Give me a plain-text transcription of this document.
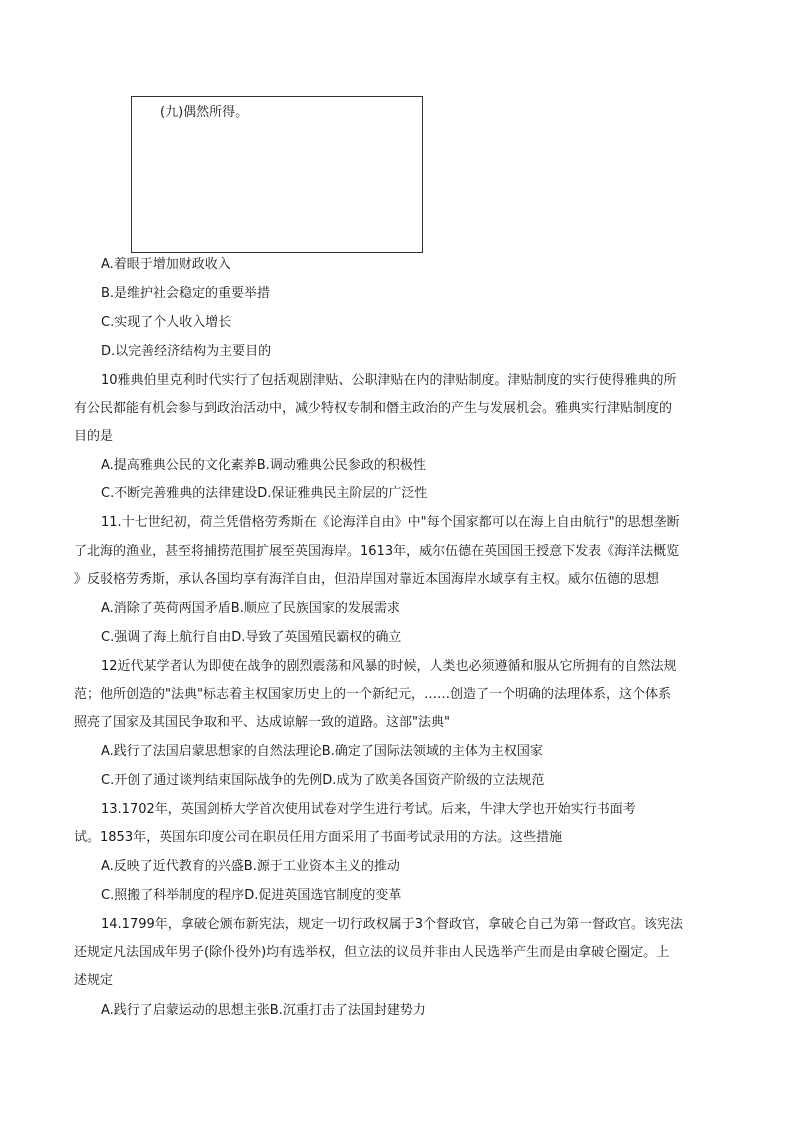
(九)偶然所得。
A.着眼于增加财政收入
B.是维护社会稳定的重要举措
C.实现了个人收入增长
D.以完善经济结构为主要目的
10雅典伯里克利时代实行了包括观剧津贴、公职津贴在内的津贴制度。津贴制度的实行使得雅典的所
有公民都能有机会参与到政治活动中，减少特权专制和僭主政治的产生与发展机会。雅典实行津贴制度的
目的是
A.提高雅典公民的文化素养B.调动雅典公民参政的积极性
C.不断完善雅典的法律建设D.保证雅典民主阶层的广泛性
11.十七世纪初，荷兰凭借格劳秀斯在《论海洋自由》中"每个国家都可以在海上自由航行"的思想垄断
了北海的渔业，甚至将捕捞范围扩展至英国海岸。1613年，威尔伍德在英国国王授意下发表《海洋法概览
》反驳格劳秀斯，承认各国均享有海洋自由，但沿岸国对靠近本国海岸水域享有主权。威尔伍德的思想
A.消除了英荷两国矛盾B.顺应了民族国家的发展需求
C.强调了海上航行自由D.导致了英国殖民霸权的确立
12近代某学者认为即使在战争的剧烈震荡和风暴的时候，人类也必须遵循和服从它所拥有的自然法规
范；他所创造的"法典"标志着主权国家历史上的一个新纪元，……创造了一个明确的法理体系，这个体系
照亮了国家及其国民争取和平、达成谅解一致的道路。这部"法典"
A.践行了法国启蒙思想家的自然法理论B.确定了国际法领域的主体为主权国家
C.开创了通过谈判结束国际战争的先例D.成为了欧美各国资产阶级的立法规范
13.1702年，英国剑桥大学首次使用试卷对学生进行考试。后来，牛津大学也开始实行书面考
试。1853年，英国东印度公司在职员任用方面采用了书面考试录用的方法。这些措施
A.反映了近代教育的兴盛B.源于工业资本主义的推动
C.照搬了科举制度的程序D.促进英国选官制度的变革
14.1799年，拿破仑颁布新宪法，规定一切行政权属于3个督政官，拿破仑自己为第一督政官。该宪法
还规定凡法国成年男子(除仆役外)均有选举权，但立法的议员并非由人民选举产生而是由拿破仑圈定。上
述规定
A.践行了启蒙运动的思想主张B.沉重打击了法国封建势力
